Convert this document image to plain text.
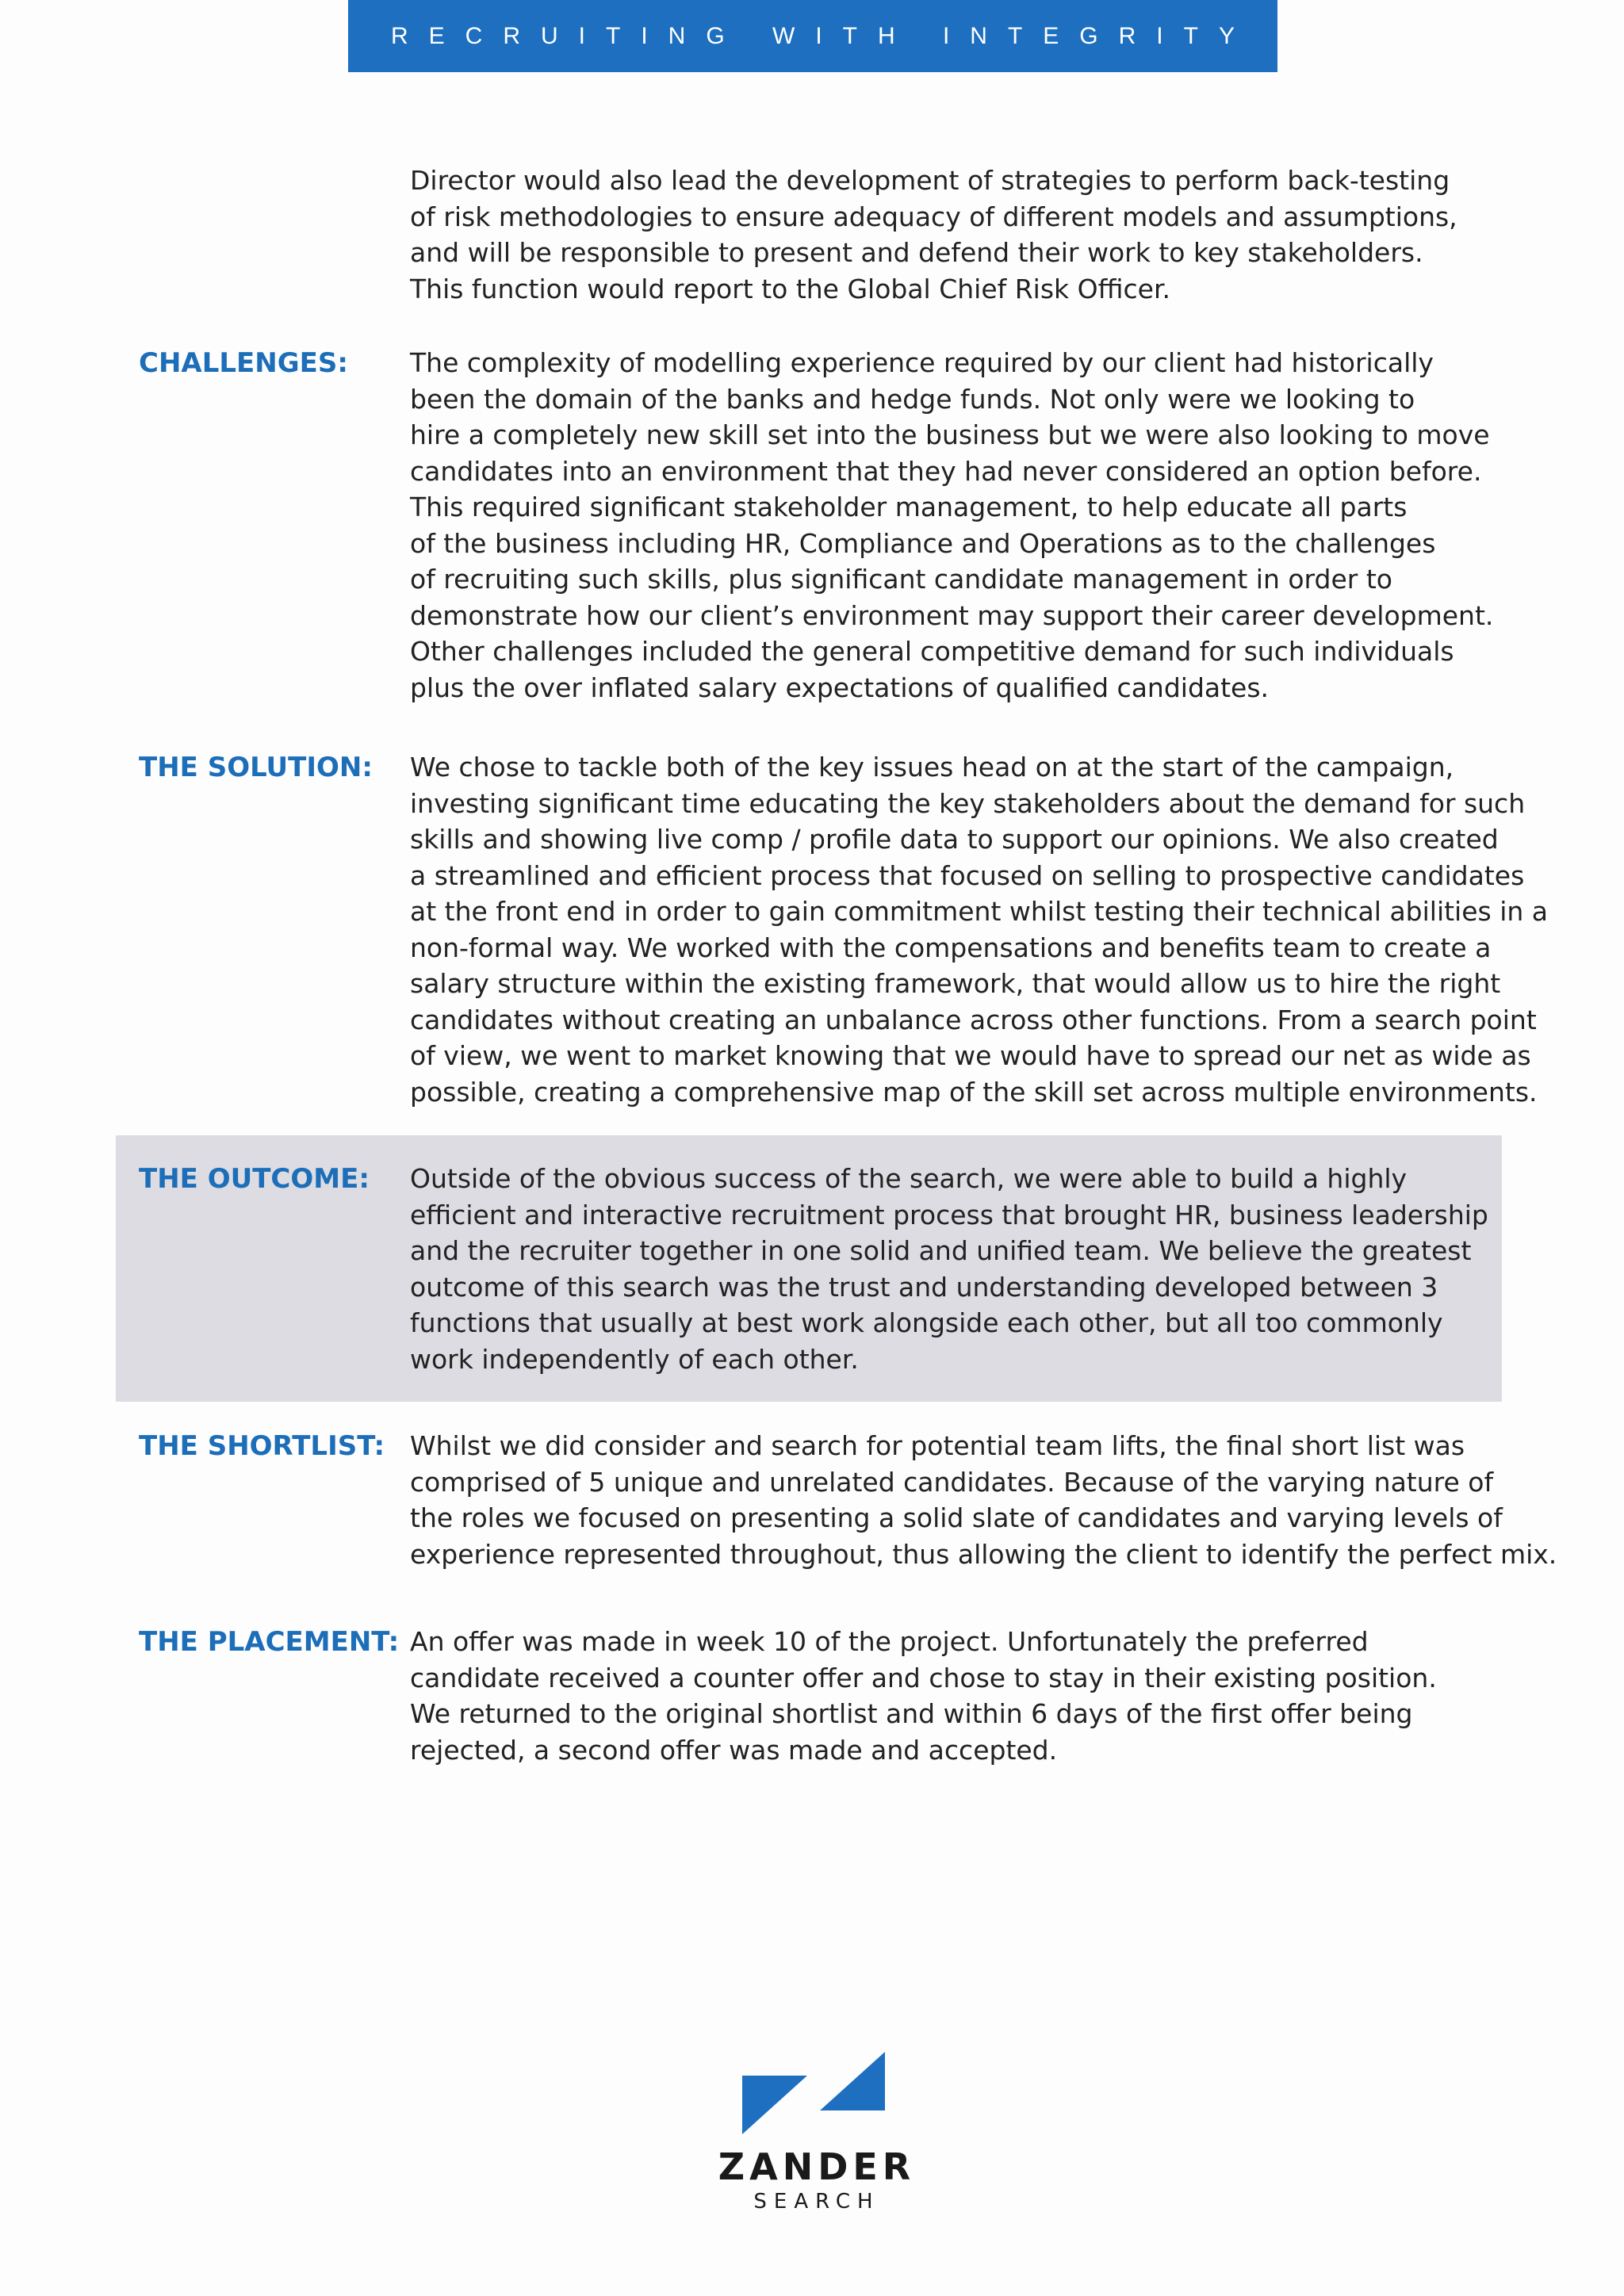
RECRUITING WITH INTEGRITY
Director would also lead the development of strategies to perform back-testing
of risk methodologies to ensure adequacy of different models and assumptions,
and will be responsible to present and defend their work to key stakeholders.
This function would report to the Global Chief Risk Officer.
CHALLENGES: The complexity of modelling experience required by our client had historically
been the domain of the banks and hedge funds. Not only were we looking to
hire a completely new skill set into the business but we were also looking to move
candidates into an environment that they had never considered an option before.
This required significant stakeholder management, to help educate all parts
of the business including HR, Compliance and Operations as to the challenges
of recruiting such skills, plus significant candidate management in order to
demonstrate how our client’s environment may support their career development.
Other challenges included the general competitive demand for such individuals
plus the over inflated salary expectations of qualified candidates.
THE SOLUTION: We chose to tackle both of the key issues head on at the start of the campaign,
investing significant time educating the key stakeholders about the demand for such
skills and showing live comp / profile data to support our opinions. We also created
a streamlined and efficient process that focused on selling to prospective candidates
at the front end in order to gain commitment whilst testing their technical abilities in a
non-formal way. We worked with the compensations and benefits team to create a
salary structure within the existing framework, that would allow us to hire the right
candidates without creating an unbalance across other functions. From a search point
of view, we went to market knowing that we would have to spread our net as wide as
possible, creating a comprehensive map of the skill set across multiple environments.
THE OUTCOME: Outside of the obvious success of the search, we were able to build a highly
efficient and interactive recruitment process that brought HR, business leadership
and the recruiter together in one solid and unified team. We believe the greatest
outcome of this search was the trust and understanding developed between 3
functions that usually at best work alongside each other, but all too commonly
work independently of each other.
THE SHORTLIST: Whilst we did consider and search for potential team lifts, the final short list was
comprised of 5 unique and unrelated candidates. Because of the varying nature of
the roles we focused on presenting a solid slate of candidates and varying levels of
experience represented throughout, thus allowing the client to identify the perfect mix.
THE PLACEMENT: An offer was made in week 10 of the project. Unfortunately the preferred
candidate received a counter offer and chose to stay in their existing position.
We returned to the original shortlist and within 6 days of the first offer being
rejected, a second offer was made and accepted.
ZANDER
SEARCH
